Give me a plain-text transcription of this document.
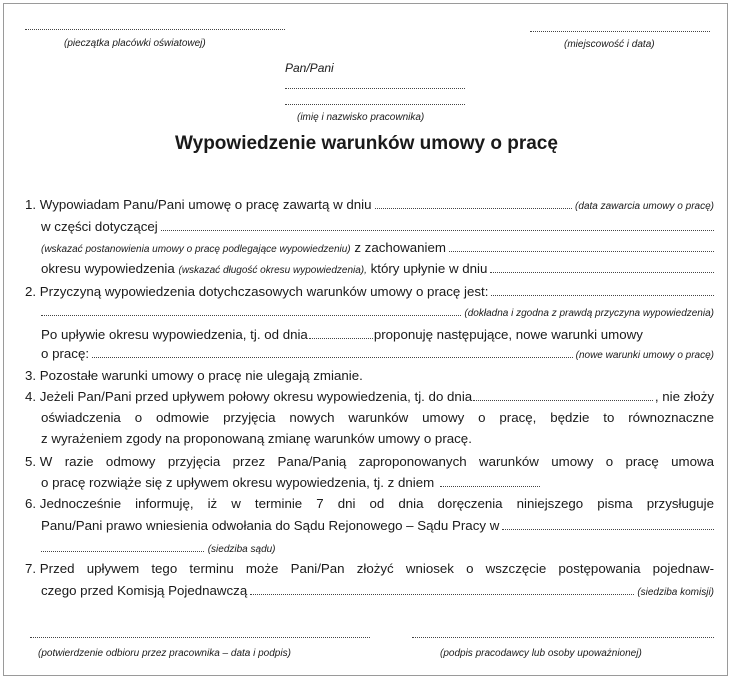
(pieczątka placówki oświatowej)	(miejscowość i data)
Pan/Pani
(imię i nazwisko pracownika)
Wypowiedzenie warunków umowy o pracę
1.
Wypowiadam Panu/Pani umowę o pracę zawartą w dniu	(data zawarcia umowy o pracę)
w części dotyczącej
(wskazać postanowienia umowy o pracę podlegające wypowiedzeniu)
z zachowaniem
okresu wypowiedzenia
(wskazać długość okresu wypowiedzenia),
który upłynie w dniu
2.
Przyczyną wypowiedzenia dotychczasowych warunków umowy o pracę jest:
(dokładna i zgodna z prawdą przyczyna wypowiedzenia)
Po upływie okresu wypowiedzenia, tj. od dnia	proponuję następujące, nowe warunki umowy
o pracę:	(nowe warunki umowy o pracę)
3. Pozostałe warunki umowy o pracę nie ulegają zmianie.
4.
Jeżeli Pan/Pani przed upływem połowy okresu wypowiedzenia, tj. do dnia	, nie złoży
oświadczenia o odmowie przyjęcia nowych warunków umowy o pracę, będzie to równoznaczne
z wyrażeniem zgody na proponowaną zmianę warunków umowy o pracę.
5.
W razie odmowy przyjęcia przez Pana/Panią zaproponowanych warunków umowy o pracę umowa
o pracę rozwiąże się z upływem okresu wypowiedzenia, tj. z dniem
6.
Jednocześnie informuję, iż w terminie 7 dni od dnia doręczenia niniejszego pisma przysługuje
Panu/Pani prawo wniesienia odwołania do Sądu Rejonowego – Sądu Pracy w
(siedziba sądu)
7.
Przed upływem tego terminu może Pani/Pan złożyć wniosek o wszczęcie postępowania pojednaw-
czego przed Komisją Pojednawczą	(siedziba komisji)
(potwierdzenie odbioru przez pracownika – data i podpis)	(podpis pracodawcy lub osoby upoważnionej)
